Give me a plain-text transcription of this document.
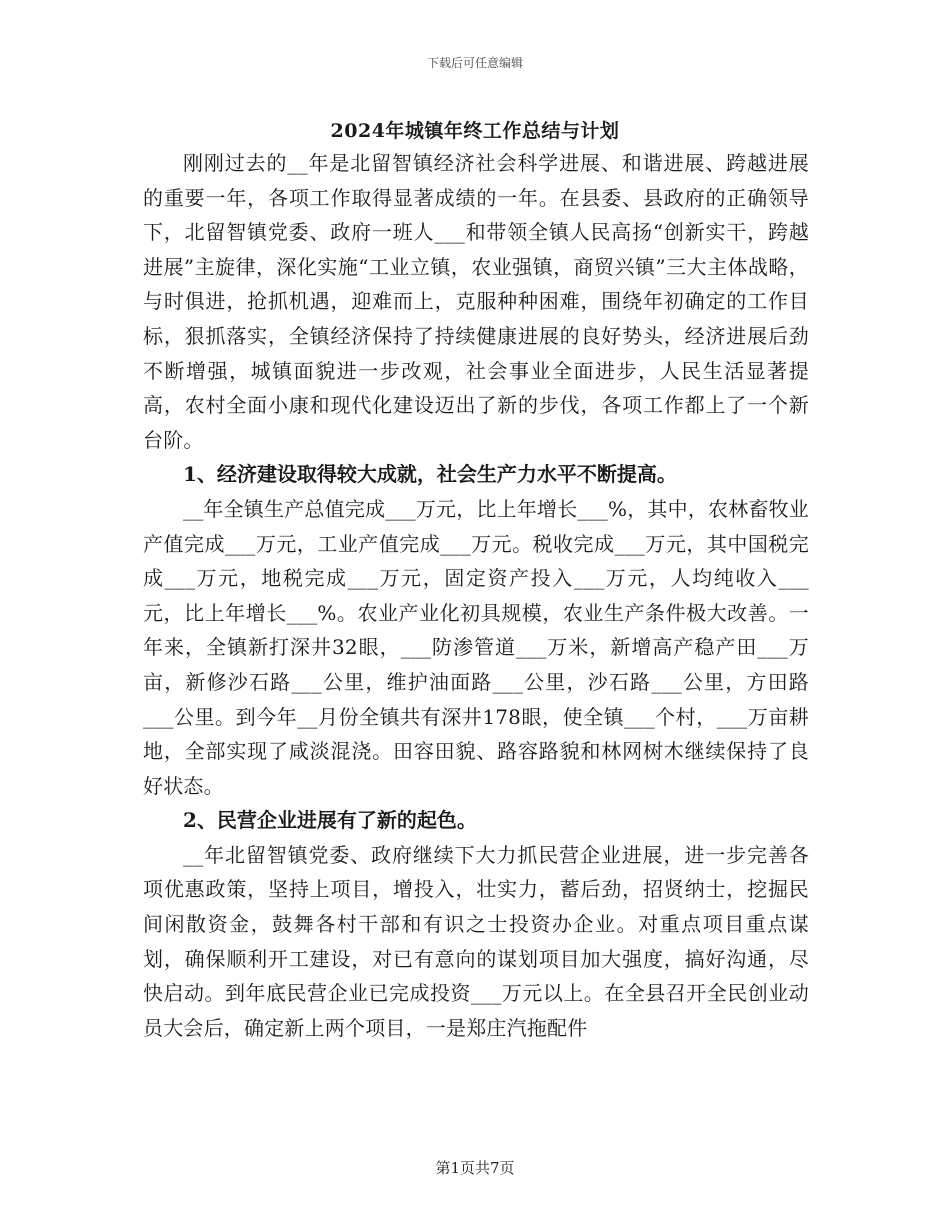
下载后可任意编辑
2024年城镇年终工作总结与计划

刚刚过去的__年是北留智镇经济社会科学进展、和谐进展、跨越进展的重要一年，各项工作取得显著成绩的一年。在县委、县政府的正确领导下，北留智镇党委、政府一班人___和带领全镇人民高扬“创新实干，跨越进展”主旋律，深化实施“工业立镇，农业强镇，商贸兴镇”三大主体战略，与时俱进，抢抓机遇，迎难而上，克服种种困难，围绕年初确定的工作目标，狠抓落实，全镇经济保持了持续健康进展的良好势头，经济进展后劲不断增强，城镇面貌进一步改观，社会事业全面进步，人民生活显著提高，农村全面小康和现代化建设迈出了新的步伐，各项工作都上了一个新台阶。

1、经济建设取得较大成就，社会生产力水平不断提高。

__年全镇生产总值完成___万元，比上年增长___%，其中，农林畜牧业产值完成___万元，工业产值完成___万元。税收完成___万元，其中国税完成___万元，地税完成___万元，固定资产投入___万元，人均纯收入___元，比上年增长___%。农业产业化初具规模，农业生产条件极大改善。一年来，全镇新打深井32眼，___防渗管道___万米，新增高产稳产田___万亩，新修沙石路___公里，维护油面路___公里，沙石路___公里，方田路___公里。到今年__月份全镇共有深井178眼，使全镇___个村，___万亩耕地，全部实现了咸淡混浇。田容田貌、路容路貌和林网树木继续保持了良好状态。

2、民营企业进展有了新的起色。

__年北留智镇党委、政府继续下大力抓民营企业进展，进一步完善各项优惠政策，坚持上项目，增投入，壮实力，蓄后劲，招贤纳士，挖掘民间闲散资金，鼓舞各村干部和有识之士投资办企业。对重点项目重点谋划，确保顺利开工建设，对已有意向的谋划项目加大强度，搞好沟通，尽快启动。到年底民营企业已完成投资___万元以上。在全县召开全民创业动员大会后，确定新上两个项目，一是郑庄汽拖配件

第1页共7页
